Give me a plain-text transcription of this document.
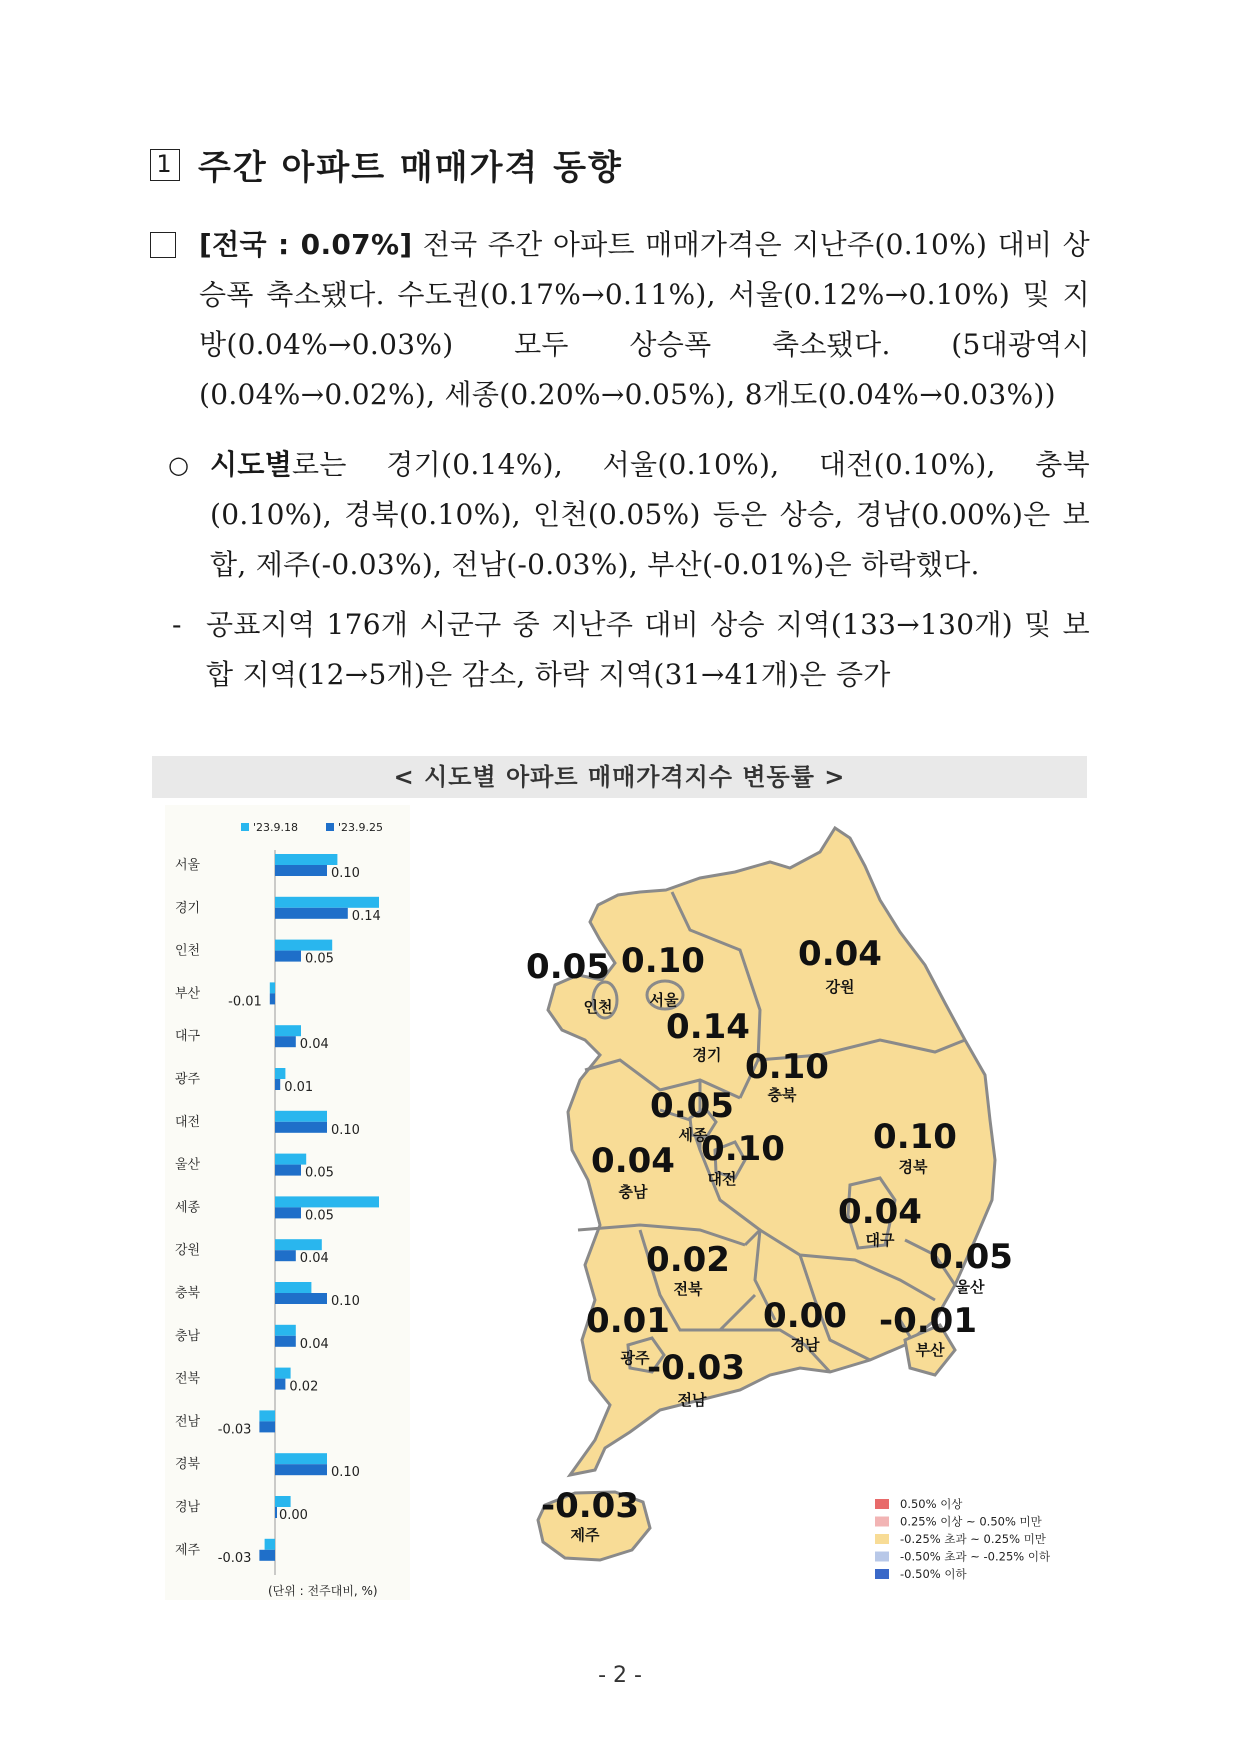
1 주간 아파트 매매가격 동향
[전국 : 0.07%] 전국 주간 아파트 매매가격은 지난주(0.10%) 대비 상승폭 축소됐다. 수도권(0.17%→0.11%), 서울(0.12%→0.10%) 및 지방(0.04%→0.03%) 모두 상승폭 축소됐다. (5대광역시(0.04%→0.02%), 세종(0.20%→0.05%), 8개도(0.04%→0.03%))
○ 시도별로는 경기(0.14%), 서울(0.10%), 대전(0.10%), 충북(0.10%), 경북(0.10%), 인천(0.05%) 등은 상승, 경남(0.00%)은 보합, 제주(-0.03%), 전남(-0.03%), 부산(-0.01%)은 하락했다.
- 공표지역 176개 시군구 중 지난주 대비 상승 지역(133→130개) 및 보합 지역(12→5개)은 감소, 하락 지역(31→41개)은 증가
< 시도별 아파트 매매가격지수 변동률 >
'23.9.18	'23.9.25
서울
0.10
경기
0.14
인천
0.05
부산
-0.01
대구
0.04
광주
0.01
대전
0.10
울산
0.05
세종
0.05
강원
0.04
충북
0.10
충남
0.04
전북
0.02
전남
-0.03
경북
0.10
경남
0.00
제주
-0.03
(단위 : 전주대비, %)
0.05
인천
0.10
서울
0.04
강원
0.14
경기 0.10
충북
0.05
세종	0.10
경북
0.04
충남
0.10
대전
0.04
대구
0.02
전북
0.05
울산
0.01
광주
0.00
경남
-0.01
부산
-0.03
전남
-0.03
제주
0.50% 이상
0.25% 이상 ~ 0.50% 미만
-0.25% 초과 ~ 0.25% 미만
-0.50% 초과 ~ -0.25% 이하
-0.50% 이하
- 2 -
